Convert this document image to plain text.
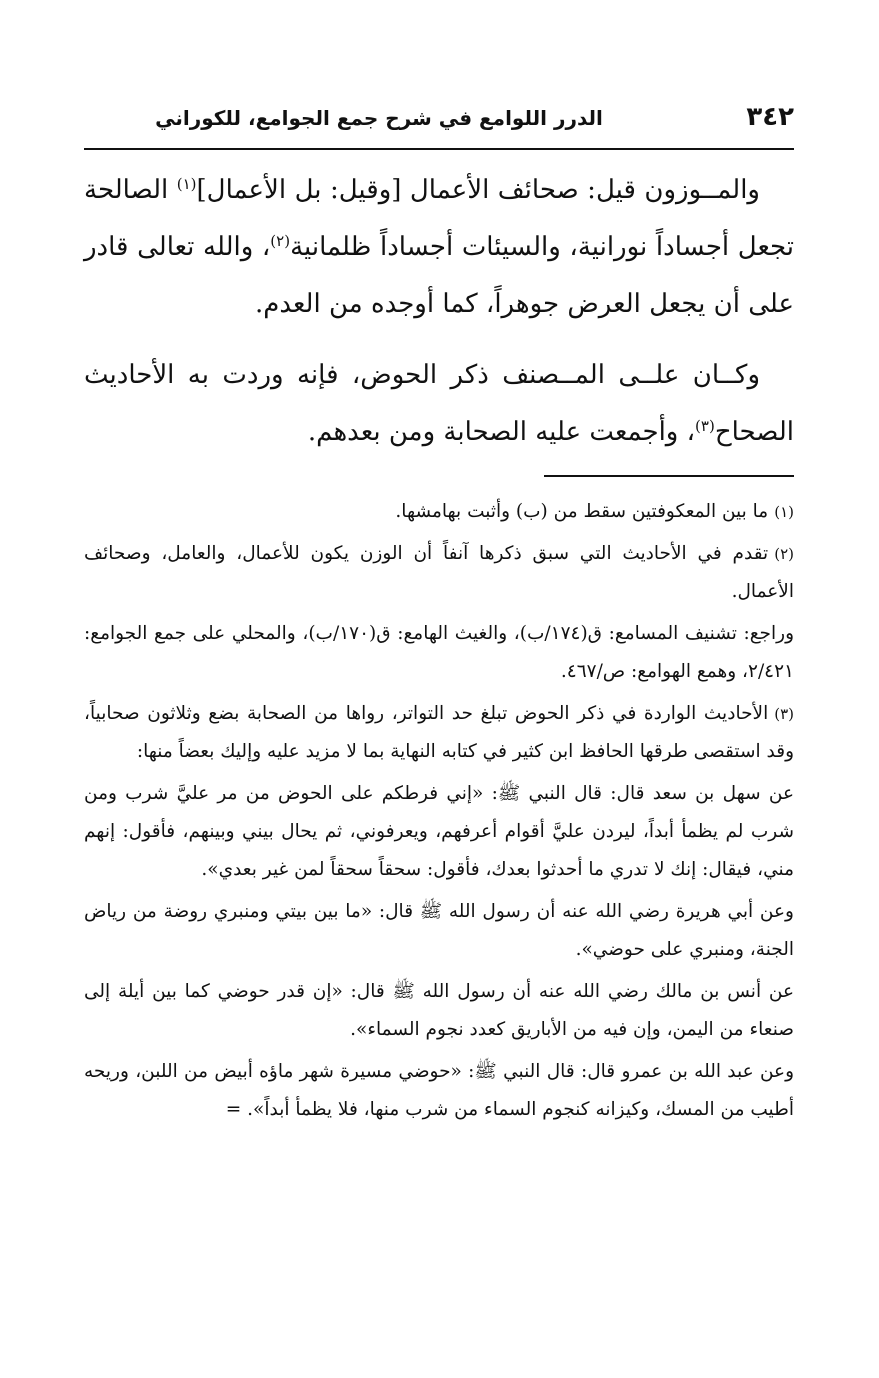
٣٤٢
الدرر اللوامع في شرح جمع الجوامع، للكوراني

والمــوزون قيل: صحائف الأعمال [وقيل: بل الأعمال]$^{(١)}$ الصالحة تجعل أجساداً نورانية، والسيئات أجساداً ظلمانية$^{(٢)}$، والله تعالى قادر على أن يجعل العرض جوهراً، كما أوجده من العدم.

وكــان علــى المــصنف ذكر الحوض، فإنه وردت به الأحاديث الصحاح$^{(٣)}$، وأجمعت عليه الصحابة ومن بعدهم.

(١)ما بين المعكوفتين سقط من (ب) وأثبت بهامشها.
(٢)تقدم في الأحاديث التي سبق ذكرها آنفاً أن الوزن يكون للأعمال، والعامل، وصحائف الأعمال.
وراجع: تشنيف المسامع: ق(١٧٤/ب)، والغيث الهامع: ق(١٧٠/ب)، والمحلي على جمع الجوامع: ٢/٤٢١، وهمع الهوامع: ص/٤٦٧.
(٣)الأحاديث الواردة في ذكر الحوض تبلغ حد التواتر، رواها من الصحابة بضع وثلاثون صحابياً، وقد استقصى طرقها الحافظ ابن كثير في كتابه النهاية بما لا مزيد عليه وإليك بعضاً منها:
عن سهل بن سعد قال: قال النبي ﷺ: «إني فرطكم على الحوض من مر عليَّ شرب ومن شرب لم يظمأ أبداً، ليردن عليَّ أقوام أعرفهم، ويعرفوني، ثم يحال بيني وبينهم، فأقول: إنهم مني، فيقال: إنك لا تدري ما أحدثوا بعدك، فأقول: سحقاً سحقاً لمن غير بعدي».
وعن أبي هريرة رضي الله عنه أن رسول الله ﷺ قال: «ما بين بيتي ومنبري روضة من رياض الجنة، ومنبري على حوضي».
عن أنس بن مالك رضي الله عنه أن رسول الله ﷺ قال: «إن قدر حوضي كما بين أيلة إلى صنعاء من اليمن، وإن فيه من الأباريق كعدد نجوم السماء».
وعن عبد الله بن عمرو قال: قال النبي ﷺ: «حوضي مسيرة شهر ماؤه أبيض من اللبن، وريحه أطيب من المسك، وكيزانه كنجوم السماء من شرب منها، فلا يظمأ أبداً». =
